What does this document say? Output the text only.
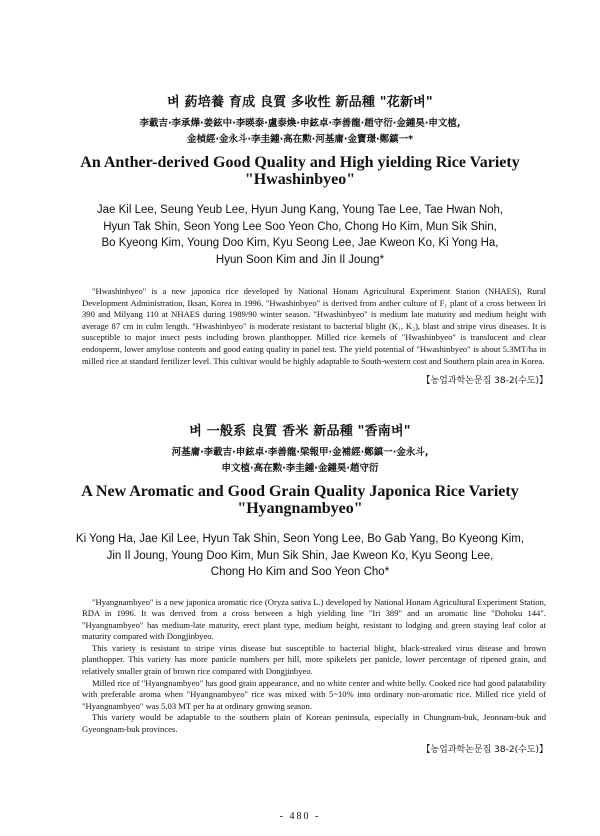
벼 葯培養 育成 良質 多收性 新品種 "花新벼"
李載吉·李承燁·姜鉉中·李暎泰·盧泰煥·申鉉卓·李善龍·趙守衍·金鍾昊·申文植,
金楨經·金永斗·李圭鍾·高在勲·河基庸·金寶璟·鄭鎮一*
An Anther-derived Good Quality and High yielding Rice Variety
"Hwashinbyeo"
Jae Kil Lee, Seung Yeub Lee, Hyun Jung Kang, Young Tae Lee, Tae Hwan Noh,
Hyun Tak Shin, Seon Yong Lee Soo Yeon Cho, Chong Ho Kim, Mun Sik Shin,
Bo Kyeong Kim, Young Doo Kim, Kyu Seong Lee, Jae Kweon Ko, Ki Yong Ha,
Hyun Soon Kim and Jin Il Joung*

"Hwashinbyeo" is a new japonica rice developed by National Honam Agricultural Experiment Station (NHAES), Rural Development Administration, Iksan, Korea in 1996. "Hwashinbyeo" is derived from anther culture of F₁ plant of a cross between Iri 390 and Milyang 110 at NHAES during 1989/90 winter season. "Hwashinbyeo" is medium late maturity and medium height with average 87 cm in culm length. "Hwashinbyeo" is moderate resistant to bacterial blight (K₁, K₂), blast and stripe virus diseases. It is susceptible to major insect pests including brown planthopper. Milled rice kernels of "Hwashinbyeo" is translucent and clear endosperm, lower amylose contents and good eating quality in panel test. The yield potential of "Hwashinbyeo" is about 5.3MT/ha in milled rice at standard fertilizer level. This cultivar would be highly adaptable to South-western cost and Southern plain area in Korea.

【농업과학논문집 38-2(수도)】
벼 一般系 良質 香米 新品種 "香南벼"
河基庸·李載吉·申鉉卓·李善龍·梁報甲·金補經·鄭鎮一·金永斗,
申文植·高在勲·李圭鍾·金鍾昊·趙守衍
A New Aromatic and Good Grain Quality Japonica Rice Variety
"Hyangnambyeo"
Ki Yong Ha, Jae Kil Lee, Hyun Tak Shin, Seon Yong Lee, Bo Gab Yang, Bo Kyeong Kim,
Jin Il Joung, Young Doo Kim, Mun Sik Shin, Jae Kweon Ko, Kyu Seong Lee,
Chong Ho Kim and Soo Yeon Cho*

"Hyangnambyeo" is a new japonica aromatic rice (Oryza sativa L.) developed by National Honam Agricultural Experiment Station, RDA in 1996. It was derived from a cross between a high yielding line "Iri 389" and an aromatic line "Dohoku 144". "Hyangnambyeo" has medium-late maturity, erect plant type, medium height, resistant to lodging and green staying leaf color at maturity compared with Dongjinbyeo.

This variety is resistant to stripe virus disease but susceptible to bacterial blight, black-streaked virus disease and brown planthopper. This variety has more panicle numbers per hill, more spikelets per panicle, lower percentage of ripened grain, and relatively smaller grain of brown rice compared with Dongjinbyeo.

Milled rice of "Hyangnambyeo" has good grain appearance, and no white center and white belly. Cooked rice had good palatability with preferable aroma when "Hyangnambyeo" rice was mixed with 5~10% into ordinary non-aromatic rice. Milled rice yield of "Hyangnambyeo" was 5.03 MT per ha at ordinary growing season.

This variety would be adaptable to the southern plain of Korean peninsula, especially in Chungnam-buk, Jeonnam-buk and Gyeongnam-buk provinces.

【농업과학논문집 38-2(수도)】
- 480 -
